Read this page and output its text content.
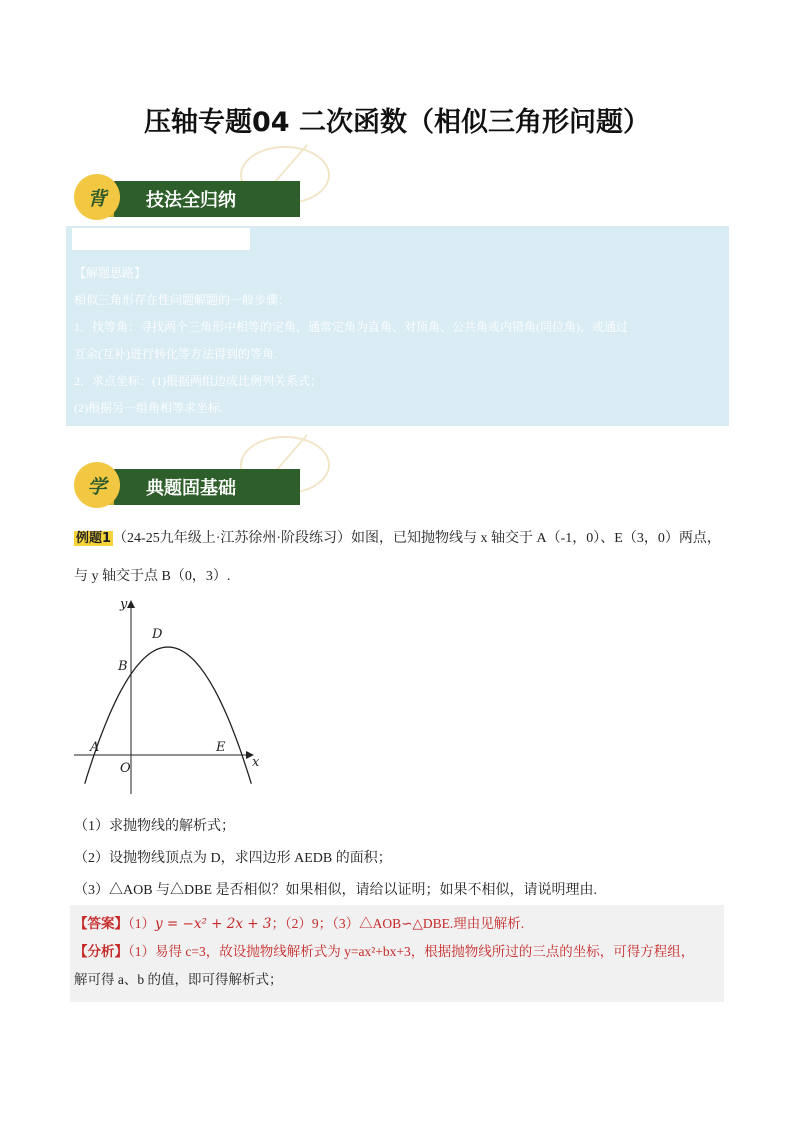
压轴专题04 二次函数（相似三角形问题）
背	技法全归纳

【解题思路】

相似三角形存在性问题解题的一般步骤：

1．找等角：寻找两个三角形中相等的定角，通常定角为直角、对顶角、公共角或内错角(同位角)，或通过

互余(互补)进行转化等方法得到的等角.

2．求点坐标：(1)根据两组边成比例列关系式；

(2)根据另一组角相等求坐标.

学	典题固基础

例题1 （24-25九年级上·江苏徐州·阶段练习）如图，已知抛物线与 x 轴交于 A（-1，0）、E（3，0）两点，

与 y 轴交于点 B（0，3）.

y
x
D
B
A	E
O

（1）求抛物线的解析式；

（2）设抛物线顶点为 D，求四边形 AEDB 的面积；

（3）△AOB 与△DBE 是否相似？如果相似，请给以证明；如果不相似，请说明理由.

【答案】（1）y = −x² + 2x + 3；（2）9；（3）△AOB∽△DBE.理由见解析.

【分析】（1）易得 c=3，故设抛物线解析式为 y=ax²+bx+3，根据抛物线所过的三点的坐标，可得方程组，

解可得 a、b 的值，即可得解析式；
